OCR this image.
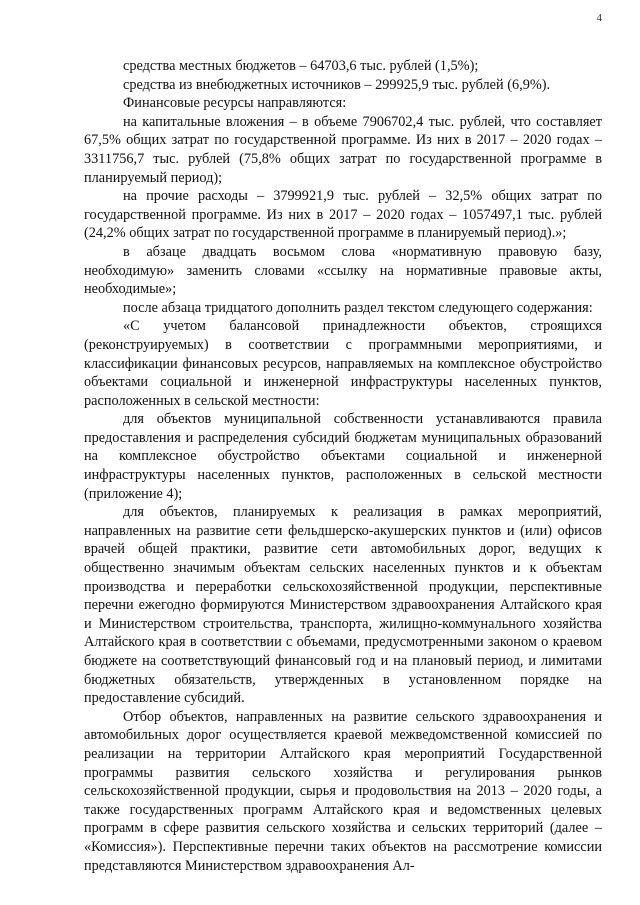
4

средства местных бюджетов – 64703,6 тыс. рублей (1,5%);

средства из внебюджетных источников – 299925,9 тыс. рублей (6,9%).

Финансовые ресурсы направляются:

на капитальные вложения – в объеме 7906702,4 тыс. рублей, что составляет 67,5% общих затрат по государственной программе. Из них в 2017 – 2020 годах – 3311756,7 тыс. рублей (75,8% общих затрат по государственной программе в планируемый период);

на прочие расходы – 3799921,9 тыс. рублей – 32,5% общих затрат по государственной программе. Из них в 2017 – 2020 годах – 1057497,1 тыс. рублей (24,2% общих затрат по государственной программе в планируемый период).»;

в абзаце двадцать восьмом слова «нормативную правовую базу, необходимую» заменить словами «ссылку на нормативные правовые акты, необходимые»;

после абзаца тридцатого дополнить раздел текстом следующего содержания:

«С учетом балансовой принадлежности объектов, строящихся (реконструируемых) в соответствии с программными мероприятиями, и классификации финансовых ресурсов, направляемых на комплексное обустройство объектами социальной и инженерной инфраструктуры населенных пунктов, расположенных в сельской местности:

для объектов муниципальной собственности устанавливаются правила предоставления и распределения субсидий бюджетам муниципальных образований на комплексное обустройство объектами социальной и инженерной инфраструктуры населенных пунктов, расположенных в сельской местности (приложение 4);

для объектов, планируемых к реализация в рамках мероприятий, направленных на развитие сети фельдшерско-акушерских пунктов и (или) офисов врачей общей практики, развитие сети автомобильных дорог, ведущих к общественно значимым объектам сельских населенных пунктов и к объектам производства и переработки сельскохозяйственной продукции, перспективные перечни ежегодно формируются Министерством здравоохранения Алтайского края и Министерством строительства, транспорта, жилищно-коммунального хозяйства Алтайского края в соответствии с объемами, предусмотренными законом о краевом бюджете на соответствующий финансовый год и на плановый период, и лимитами бюджетных обязательств, утвержденных в установленном порядке на предоставление субсидий.

Отбор объектов, направленных на развитие сельского здравоохранения и автомобильных дорог осуществляется краевой межведомственной комиссией по реализации на территории Алтайского края мероприятий Государственной программы развития сельского хозяйства и регулирования рынков сельскохозяйственной продукции, сырья и продовольствия на 2013 – 2020 годы, а также государственных программ Алтайского края и ведомственных целевых программ в сфере развития сельского хозяйства и сельских территорий (далее – «Комиссия»). Перспективные перечни таких объектов на рассмотрение комиссии представляются Министерством здравоохранения Ал-
